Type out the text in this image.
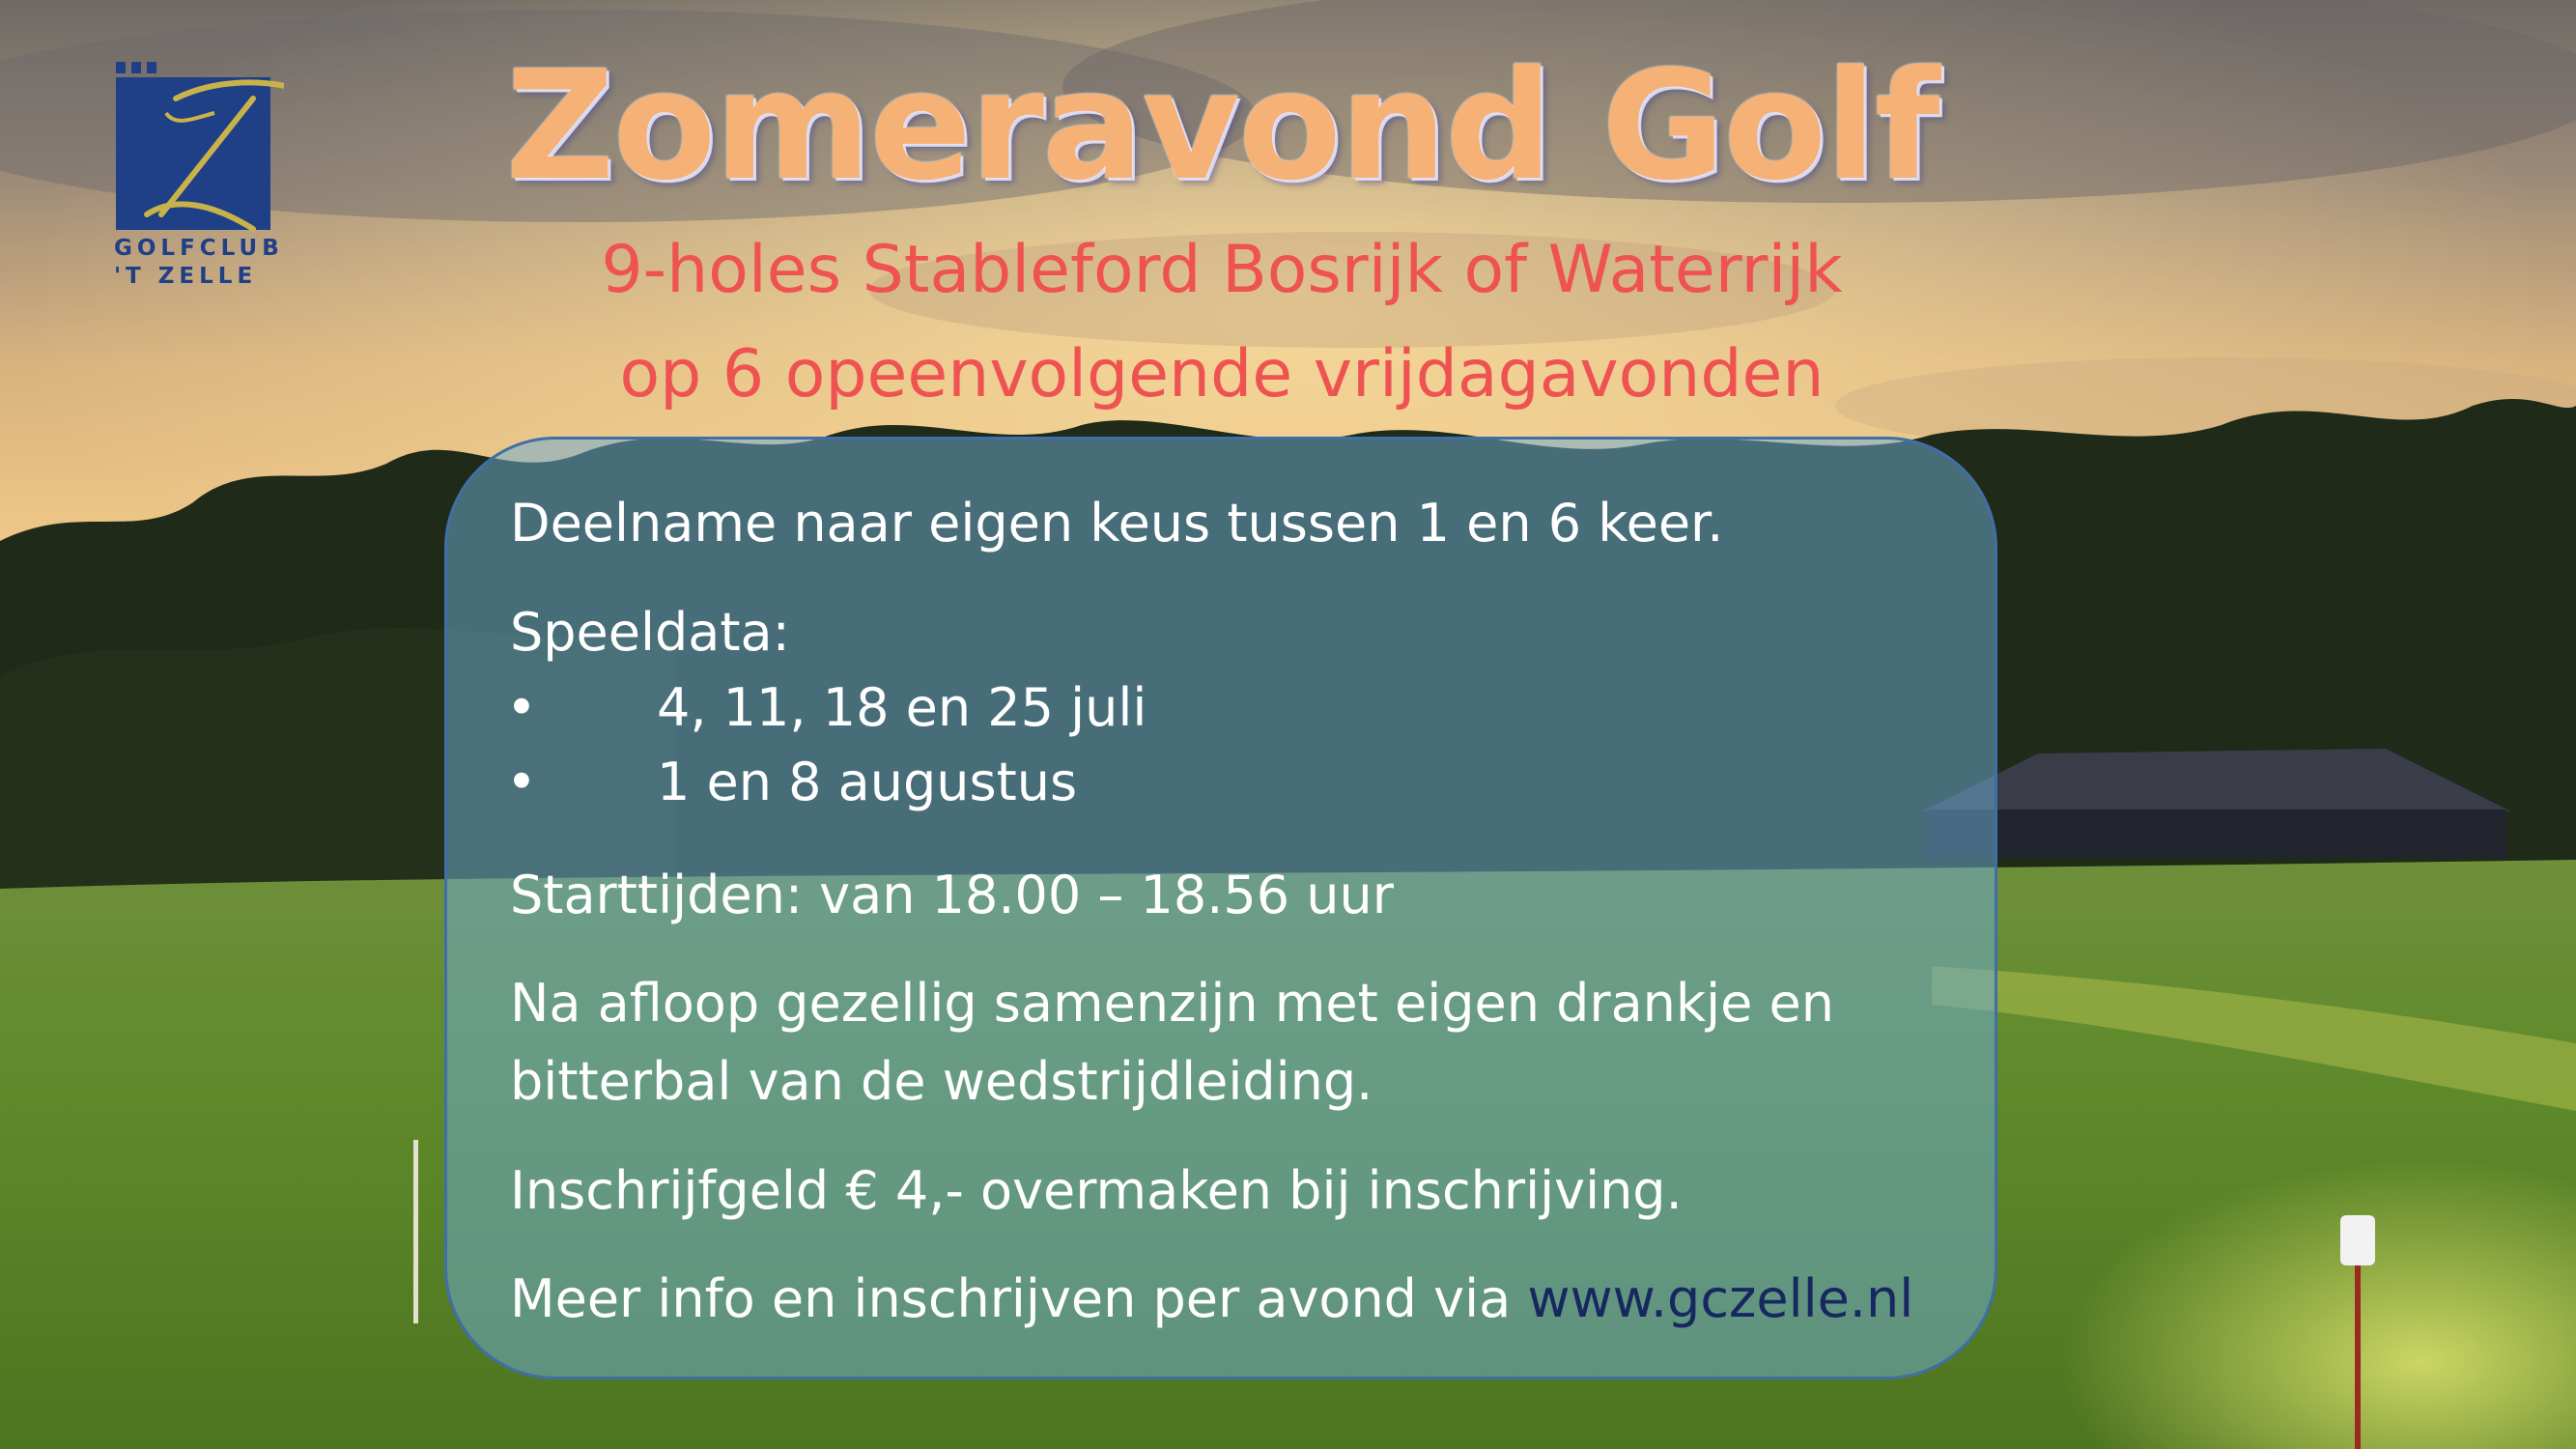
GOLFCLUB
'T ZELLE
Zomeravond Golf
9-holes Stableford Bosrijk of Waterrijk
op 6 opeenvolgende vrijdagavonden
Deelname naar eigen keus tussen 1 en 6 keer.
Speeldata:
• 4, 11, 18 en 25 juli
• 1 en 8 augustus
Starttijden: van 18.00 – 18.56 uur
Na afloop gezellig samenzijn met eigen drankje en
bitterbal van de wedstrijdleiding.
Inschrijfgeld € 4,- overmaken bij inschrijving.
Meer info en inschrijven per avond via www.gczelle.nl
